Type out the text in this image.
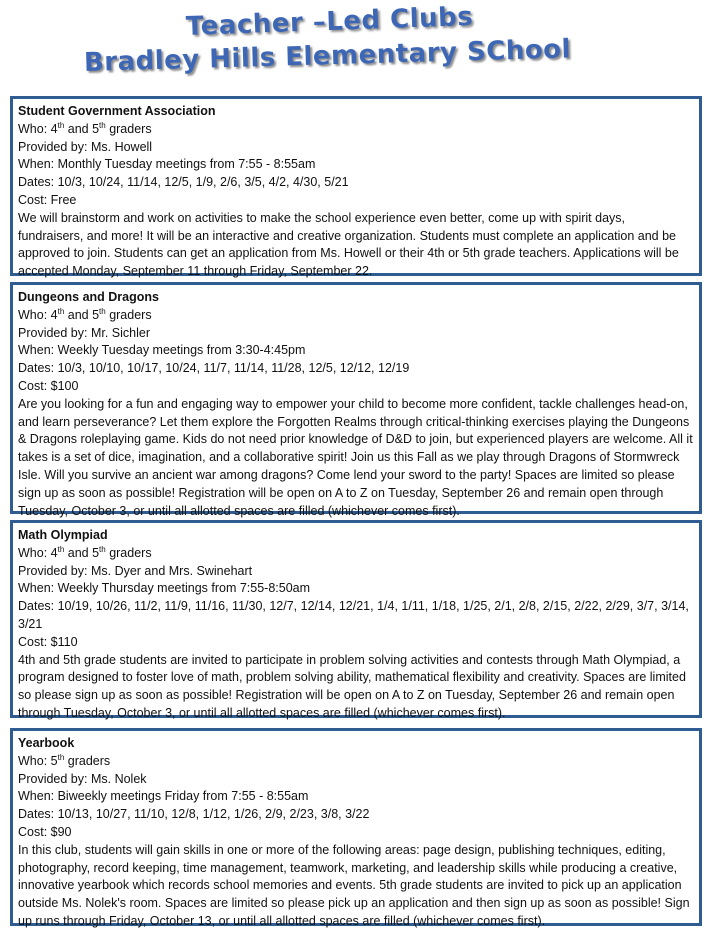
Teacher –Led Clubs
Bradley Hills Elementary SChool

Student Government Association

Who: 4th and 5th graders

Provided by: Ms. Howell

When: Monthly Tuesday meetings from 7:55 - 8:55am

Dates: 10/3, 10/24, 11/14, 12/5, 1/9, 2/6, 3/5, 4/2, 4/30, 5/21

Cost: Free

We will brainstorm and work on activities to make the school experience even better, come up with spirit days, fundraisers, and more! It will be an interactive and creative organization. Students must complete an application and be approved to join. Students can get an application from Ms. Howell or their 4th or 5th grade teachers. Applications will be accepted Monday, September 11 through Friday, September 22.

Dungeons and Dragons

Who: 4th and 5th graders

Provided by: Mr. Sichler

When: Weekly Tuesday meetings from 3:30-4:45pm

Dates: 10/3, 10/10, 10/17, 10/24, 11/7, 11/14, 11/28, 12/5, 12/12, 12/19

Cost: $100

Are you looking for a fun and engaging way to empower your child to become more confident, tackle challenges head-on, and learn perseverance? Let them explore the Forgotten Realms through critical-thinking exercises playing the Dungeons & Dragons roleplaying game. Kids do not need prior knowledge of D&D to join, but experienced players are welcome. All it takes is a set of dice, imagination, and a collaborative spirit! Join us this Fall as we play through Dragons of Stormwreck Isle. Will you survive an ancient war among dragons? Come lend your sword to the party! Spaces are limited so please sign up as soon as possible! Registration will be open on A to Z on Tuesday, September 26 and remain open through Tuesday, October 3, or until all allotted spaces are filled (whichever comes first).

Math Olympiad

Who: 4th and 5th graders

Provided by: Ms. Dyer and Mrs. Swinehart

When: Weekly Thursday meetings from 7:55-8:50am

Dates: 10/19, 10/26, 11/2, 11/9, 11/16, 11/30, 12/7, 12/14, 12/21, 1/4, 1/11, 1/18, 1/25, 2/1, 2/8, 2/15, 2/22, 2/29, 3/7, 3/14, 3/21

Cost: $110

4th and 5th grade students are invited to participate in problem solving activities and contests through Math Olympiad, a program designed to foster love of math, problem solving ability, mathematical flexibility and creativity. Spaces are limited so please sign up as soon as possible! Registration will be open on A to Z on Tuesday, September 26 and remain open through Tuesday, October 3, or until all allotted spaces are filled (whichever comes first).

Yearbook

Who: 5th graders

Provided by: Ms. Nolek

When: Biweekly meetings Friday from 7:55 - 8:55am

Dates: 10/13, 10/27, 11/10, 12/8, 1/12, 1/26, 2/9, 2/23, 3/8, 3/22

Cost: $90

In this club, students will gain skills in one or more of the following areas: page design, publishing techniques, editing, photography, record keeping, time management, teamwork, marketing, and leadership skills while producing a creative, innovative yearbook which records school memories and events. 5th grade students are invited to pick up an application outside Ms. Nolek's room. Spaces are limited so please pick up an application and then sign up as soon as possible! Sign up runs through Friday, October 13, or until all allotted spaces are filled (whichever comes first).
